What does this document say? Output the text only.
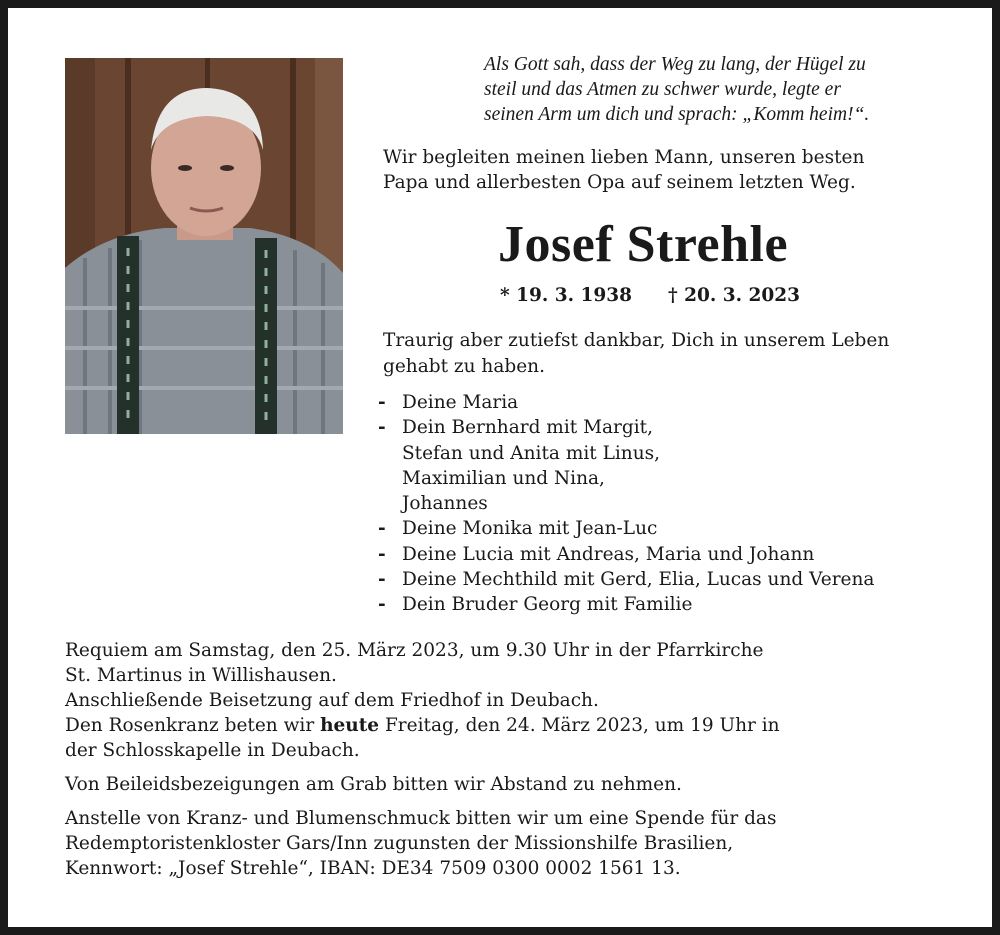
Als Gott sah, dass der Weg zu lang, der Hügel zu
steil und das Atmen zu schwer wurde, legte er
seinen Arm um dich und sprach: „Komm heim!“.
Wir begleiten meinen lieben Mann, unseren besten
Papa und allerbesten Opa auf seinem letzten Weg.
Josef Strehle
* 19. 3. 1938 † 20. 3. 2023
Traurig aber zutiefst dankbar, Dich in unserem Leben
gehabt zu haben.
- Deine Maria
- Dein Bernhard mit Margit,
Stefan und Anita mit Linus,
Maximilian und Nina,
Johannes
- Deine Monika mit Jean-Luc
- Deine Lucia mit Andreas, Maria und Johann
- Deine Mechthild mit Gerd, Elia, Lucas und Verena
- Dein Bruder Georg mit Familie
Requiem am Samstag, den 25. März 2023, um 9.30 Uhr in der Pfarrkirche
St. Martinus in Willishausen.
Anschließende Beisetzung auf dem Friedhof in Deubach.
Den Rosenkranz beten wir heute Freitag, den 24. März 2023, um 19 Uhr in
der Schlosskapelle in Deubach.
Von Beileidsbezeigungen am Grab bitten wir Abstand zu nehmen.
Anstelle von Kranz- und Blumenschmuck bitten wir um eine Spende für das
Redemptoristenkloster Gars/Inn zugunsten der Missionshilfe Brasilien,
Kennwort: „Josef Strehle“, IBAN: DE34 7509 0300 0002 1561 13.
